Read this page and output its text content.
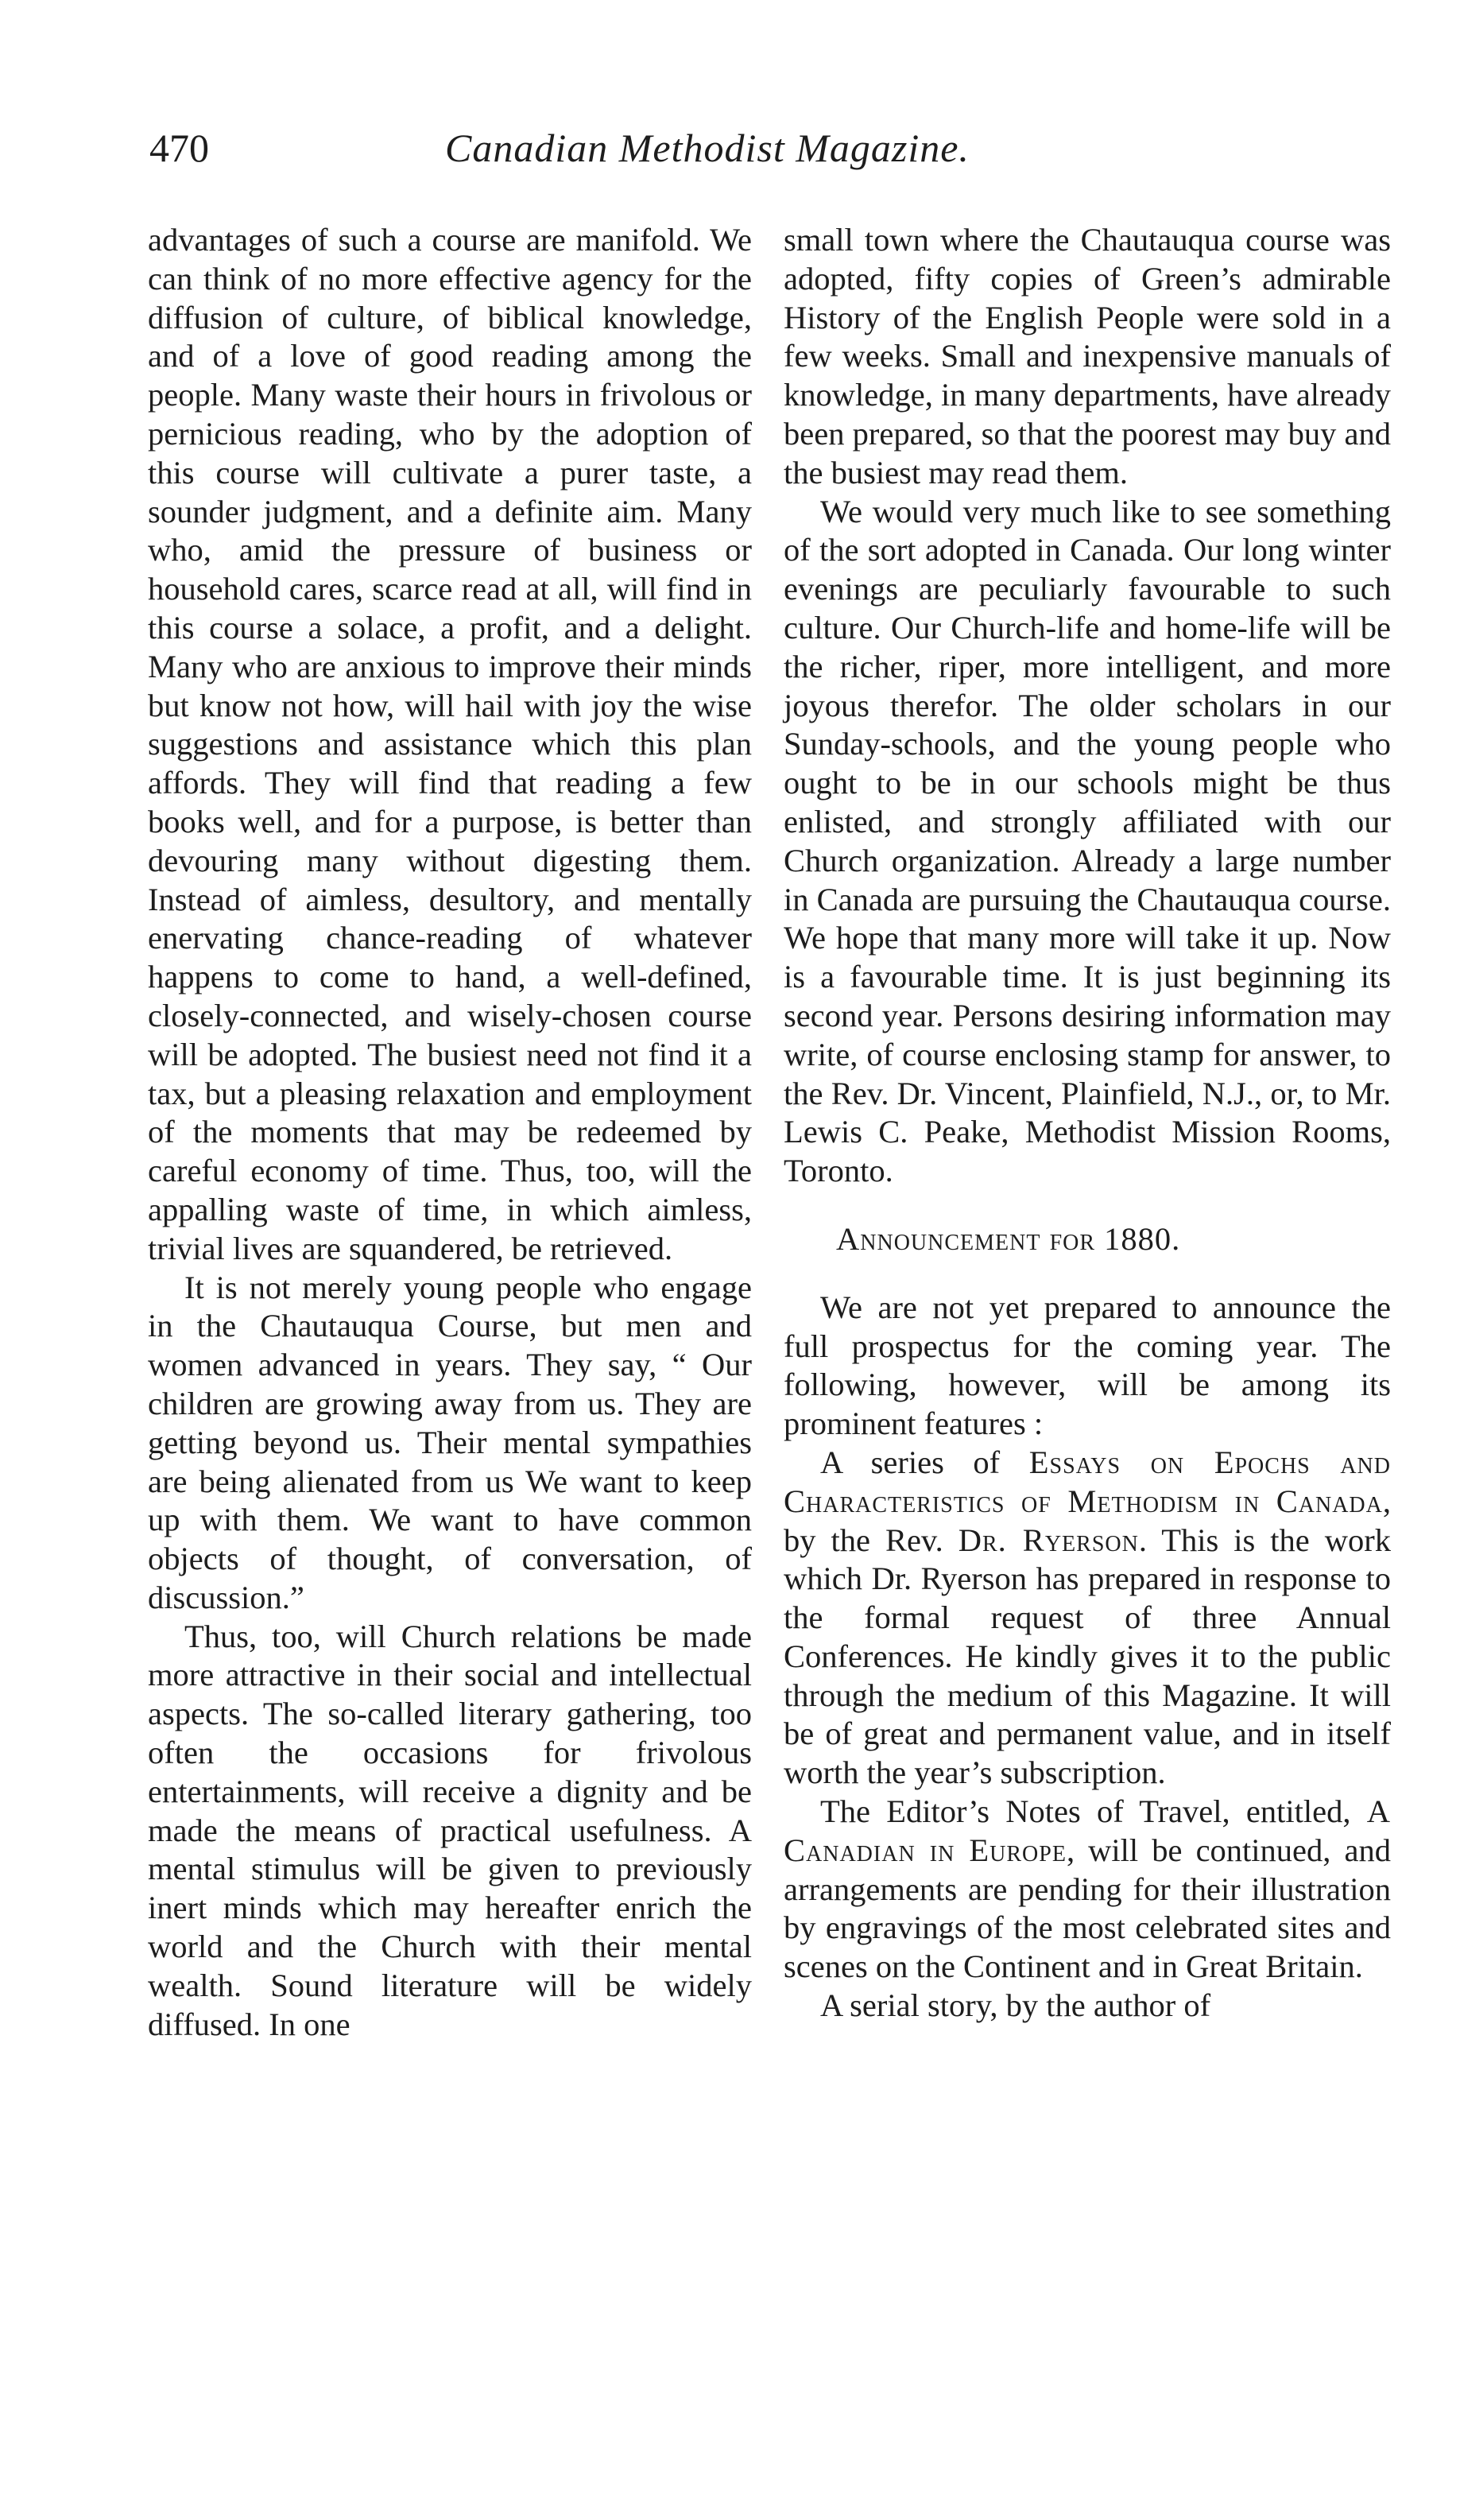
470	Canadian Methodist Magazine.

advantages of such a course are manifold. We can think of no more effective agency for the diffusion of culture, of biblical knowledge, and of a love of good reading among the people. Many waste their hours in frivolous or pernicious reading, who by the adoption of this course will cultivate a purer taste, a sounder judgment, and a definite aim. Many who, amid the pressure of business or household cares, scarce read at all, will find in this course a solace, a profit, and a delight. Many who are anxious to improve their minds but know not how, will hail with joy the wise suggestions and assistance which this plan affords. They will find that reading a few books well, and for a purpose, is better than devouring many without digesting them. Instead of aimless, desultory, and mentally enervating chance-reading of whatever happens to come to hand, a well-defined, closely-connected, and wisely-chosen course will be adopted. The busiest need not find it a tax, but a pleasing relaxation and employment of the moments that may be redeemed by careful economy of time. Thus, too, will the appalling waste of time, in which aimless, trivial lives are squandered, be retrieved.

It is not merely young people who engage in the Chautauqua Course, but men and women advanced in years. They say, “ Our children are growing away from us. They are getting beyond us. Their mental sympathies are being alienated from us We want to keep up with them. We want to have common objects of thought, of conversation, of discussion.”

Thus, too, will Church relations be made more attractive in their social and intellectual aspects. The so-called literary gathering, too often the occasions for frivolous entertainments, will receive a dignity and be made the means of practical usefulness. A mental stimulus will be given to previously inert minds which may hereafter enrich the world and the Church with their mental wealth. Sound literature will be widely diffused. In one

small town where the Chautauqua course was adopted, fifty copies of Green’s admirable History of the English People were sold in a few weeks. Small and inexpensive manuals of knowledge, in many departments, have already been prepared, so that the poorest may buy and the busiest may read them.

We would very much like to see something of the sort adopted in Canada. Our long winter evenings are peculiarly favourable to such culture. Our Church-life and home-life will be the richer, riper, more intelligent, and more joyous therefor. The older scholars in our Sunday-schools, and the young people who ought to be in our schools might be thus enlisted, and strongly affiliated with our Church organization. Already a large number in Canada are pursuing the Chautauqua course. We hope that many more will take it up. Now is a favourable time. It is just beginning its second year. Persons desiring information may write, of course enclosing stamp for answer, to the Rev. Dr. Vincent, Plainfield, N.J., or, to Mr. Lewis C. Peake, Methodist Mission Rooms, Toronto.

Announcement for 1880.

We are not yet prepared to announce the full prospectus for the coming year. The following, however, will be among its prominent features :

A series of Essays on Epochs and Characteristics of Methodism in Canada, by the Rev. Dr. Ryerson. This is the work which Dr. Ryerson has prepared in response to the formal request of three Annual Conferences. He kindly gives it to the public through the medium of this Magazine. It will be of great and permanent value, and in itself worth the year’s subscription.

The Editor’s Notes of Travel, entitled, A Canadian in Europe, will be continued, and arrangements are pending for their illustration by engravings of the most celebrated sites and scenes on the Continent and in Great Britain.

A serial story, by the author of
